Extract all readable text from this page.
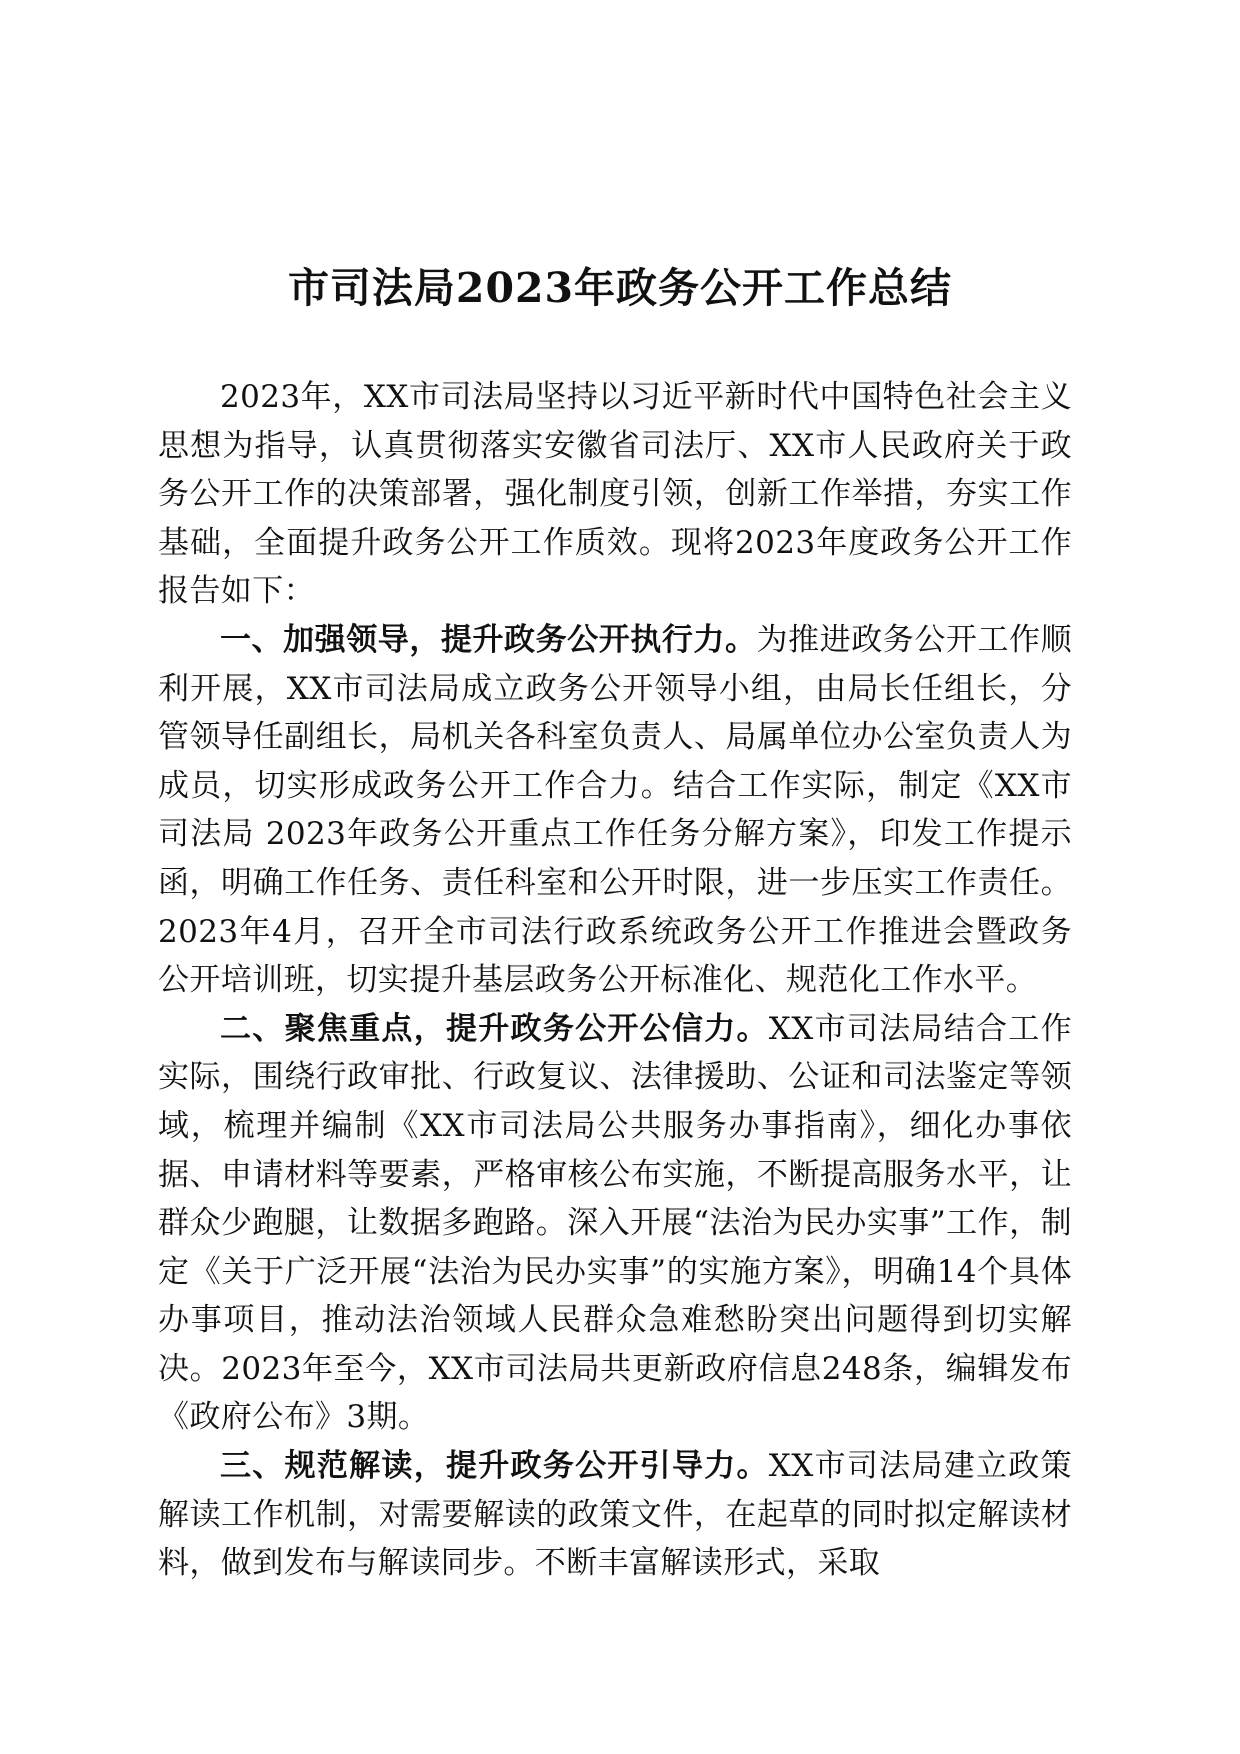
市司法局2023年政务公开工作总结

2023年，XX市司法局坚持以习近平新时代中国特色社会主义思想为指导，认真贯彻落实安徽省司法厅、XX市人民政府关于政务公开工作的决策部署，强化制度引领，创新工作举措，夯实工作基础，全面提升政务公开工作质效。现将2023年度政务公开工作报告如下：

一、加强领导，提升政务公开执行力。为推进政务公开工作顺利开展，XX市司法局成立政务公开领导小组，由局长任组长，分管领导任副组长，局机关各科室负责人、局属单位办公室负责人为成员，切实形成政务公开工作合力。结合工作实际，制定《XX市司法局 2023年政务公开重点工作任务分解方案》，印发工作提示函，明确工作任务、责任科室和公开时限，进一步压实工作责任。2023年4月，召开全市司法行政系统政务公开工作推进会暨政务公开培训班，切实提升基层政务公开标准化、规范化工作水平。

二、聚焦重点，提升政务公开公信力。XX市司法局结合工作实际，围绕行政审批、行政复议、法律援助、公证和司法鉴定等领域，梳理并编制《XX市司法局公共服务办事指南》，细化办事依据、申请材料等要素，严格审核公布实施，不断提高服务水平，让群众少跑腿，让数据多跑路。深入开展“法治为民办实事”工作，制定《关于广泛开展“法治为民办实事”的实施方案》，明确14个具体办事项目，推动法治领域人民群众急难愁盼突出问题得到切实解决。2023年至今，XX市司法局共更新政府信息248条，编辑发布《政府公布》3期。

三、规范解读，提升政务公开引导力。XX市司法局建立政策解读工作机制，对需要解读的政策文件，在起草的同时拟定解读材料，做到发布与解读同步。不断丰富解读形式，采取
